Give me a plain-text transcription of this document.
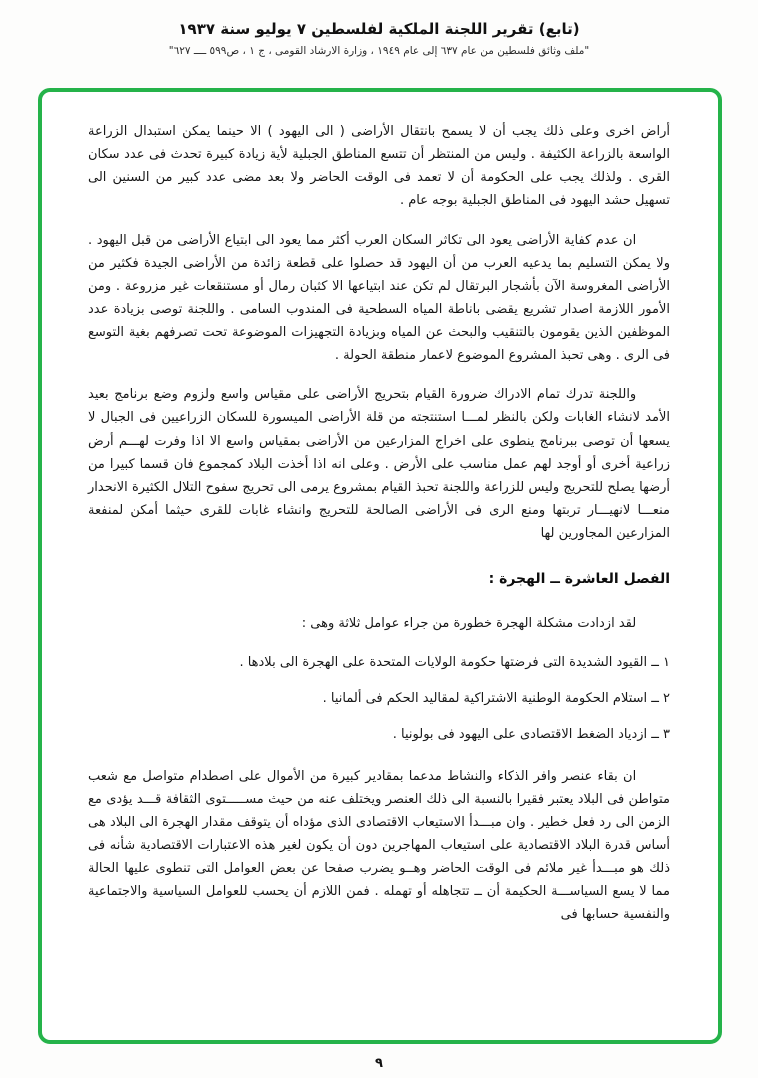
(تابع) تقرير اللجنة الملكية لفلسطين ٧ يوليو سنة ١٩٣٧
"ملف وثائق فلسطين من عام ٦٣٧ إلى عام ١٩٤٩ ، وزارة الارشاد القومى ، ج ١ ، ص٥٩٩ ــــ ٦٢٧"

أراض اخرى وعلى ذلك يجب أن لا يسمح بانتقال الأراضى ( الى اليهود ) الا حينما يمكن استبدال الزراعة الواسعة بالزراعة الكثيفة . وليس من المنتظر أن تتسع المناطق الجبلية لأية زيادة كبيرة تحدث فى عدد سكان القرى . ولذلك يجب على الحكومة أن لا تعمد فى الوقت الحاضر ولا بعد مضى عدد كبير من السنين الى تسهيل حشد اليهود فى المناطق الجبلية بوجه عام .

ان عدم كفاية الأراضى يعود الى تكاثر السكان العرب أكثر مما يعود الى ابتياع الأراضى من قبل اليهود . ولا يمكن التسليم بما يدعيه العرب من أن اليهود قد حصلوا على قطعة زائدة من الأراضى الجيدة فكثير من الأراضى المغروسة الآن بأشجار البرتقال لم تكن عند ابتياعها الا كثبان رمال أو مستنقعات غير مزروعة . ومن الأمور اللازمة اصدار تشريع يقضى باناطة المياه السطحية فى المندوب السامى . واللجنة توصى بزيادة عدد الموظفين الذين يقومون بالتنقيب والبحث عن المياه وبزيادة التجهيزات الموضوعة تحت تصرفهم بغية التوسع فى الرى . وهى تحبذ المشروع الموضوع لاعمار منطقة الحولة .

واللجنة تدرك تمام الادراك ضرورة القيام بتحريج الأراضى على مقياس واسع ولزوم وضع برنامج بعيد الأمد لانشاء الغابات ولكن بالنظر لمـــا استنتجته من قلة الأراضى الميسورة للسكان الزراعيين فى الجبال لا يسعها أن توصى ببرنامج ينطوى على اخراج المزارعين من الأراضى بمقياس واسع الا اذا وفرت لهـــم أرض زراعية أخرى أو أوجد لهم عمل مناسب على الأرض . وعلى انه اذا أخذت البلاد كمجموع فان قسما كبيرا من أرضها يصلح للتحريج وليس للزراعة واللجنة تحبذ القيام بمشروع يرمى الى تحريج سفوح التلال الكثيرة الانحدار منعـــا لانهيـــار تربتها ومنع الرى فى الأراضى الصالحة للتحريج وانشاء غابات للقرى حيثما أمكن لمنفعة المزارعين المجاورين لها

الفصل العاشرة ــ الهجرة :

لقد ازدادت مشكلة الهجرة خطورة من جراء عوامل ثلاثة وهى :

١ ــ القيود الشديدة التى فرضتها حكومة الولايات المتحدة على الهجرة الى بلادها .

٢ ــ استلام الحكومة الوطنية الاشتراكية لمقاليد الحكم فى ألمانيا .

٣ ــ ازدياد الضغط الاقتصادى على اليهود فى بولونيا .

ان بقاء عنصر وافر الذكاء والنشاط مدعما بمقادير كبيرة من الأموال على اصطدام متواصل مع شعب متواطن فى البلاد يعتبر فقيرا بالنسبة الى ذلك العنصر ويختلف عنه من حيث مســـــتوى الثقافة قـــد يؤدى مع الزمن الى رد فعل خطير . وان مبـــدأ الاستيعاب الاقتصادى الذى مؤداه أن يتوقف مقدار الهجرة الى البلاد هى أساس قدرة البلاد الاقتصادية على استيعاب المهاجرين دون أن يكون لغير هذه الاعتبارات الاقتصادية شأنه فى ذلك هو مبـــدأ غير ملائم فى الوقت الحاضر وهــو يضرب صفحا عن بعض العوامل التى تنطوى عليها الحالة مما لا يسع السياســـة الحكيمة أن ــ تتجاهله أو تهمله . فمن اللازم أن يحسب للعوامل السياسية والاجتماعية والنفسية حسابها فى

٩
